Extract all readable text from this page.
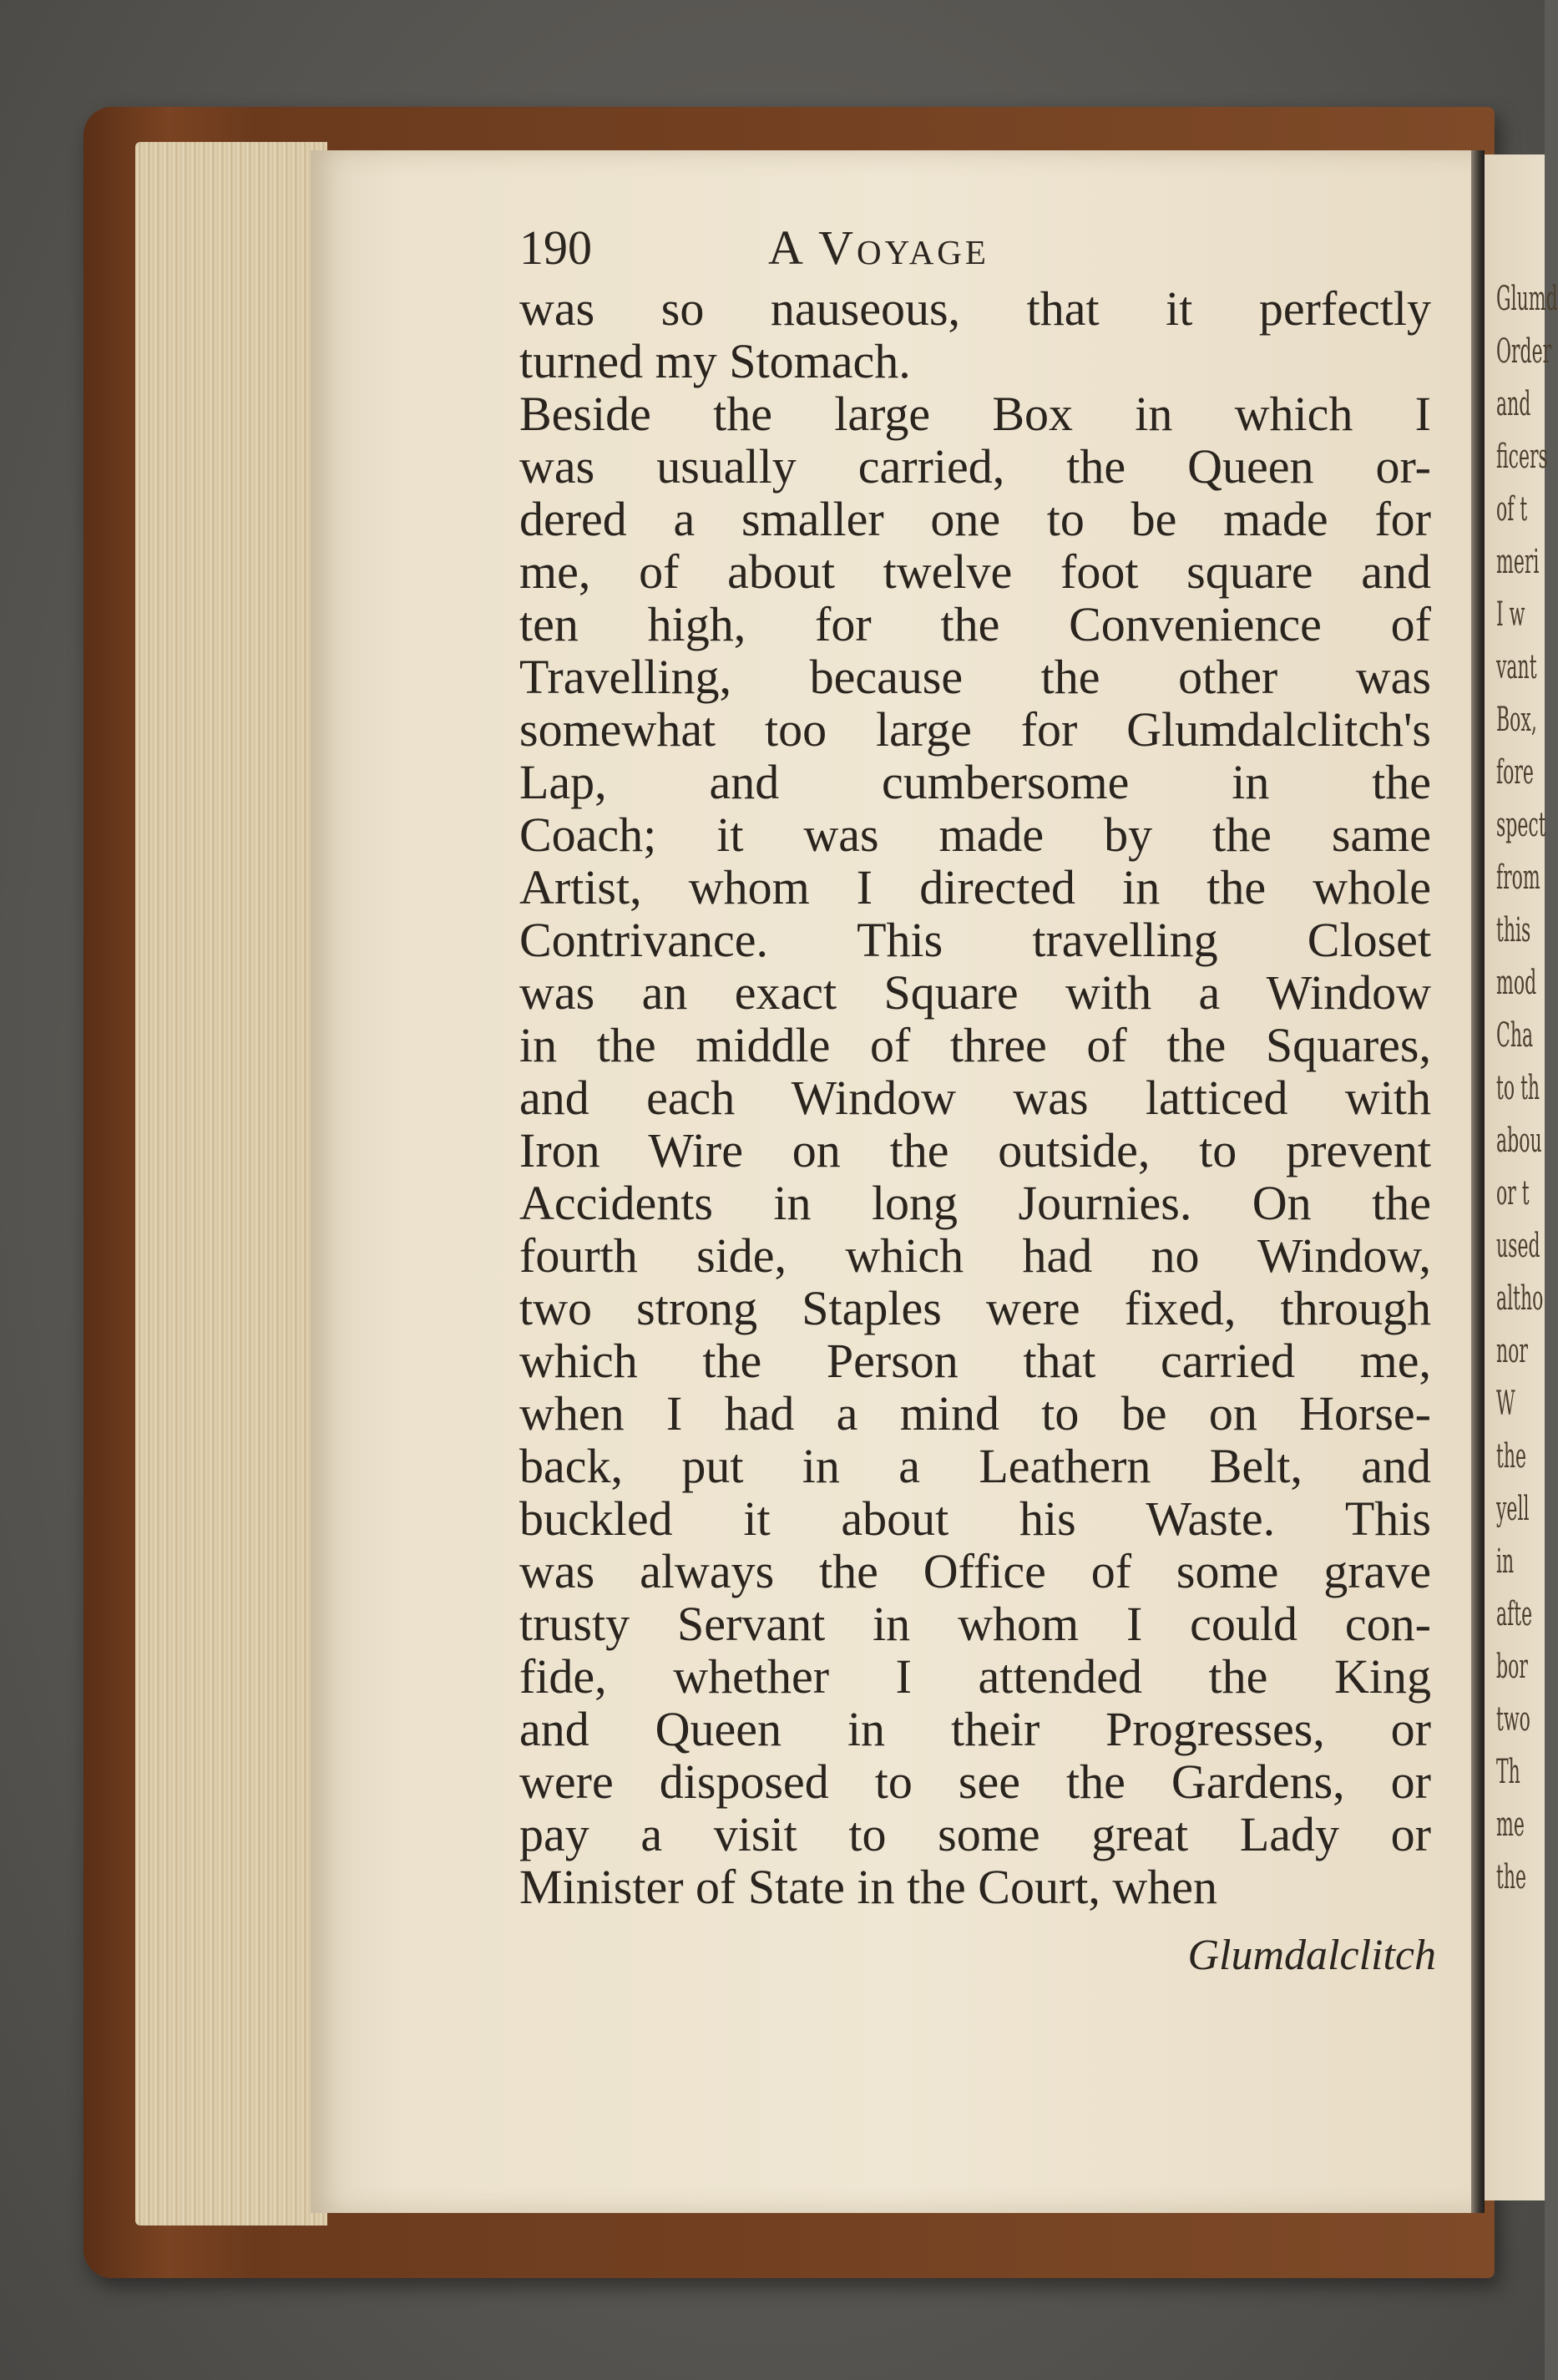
Glumd
Order
and
ficers
of t
meri
I w
vant
Box,
fore
spect
from
this
mod
Cha
to th
abou
or t
used
altho
nor
W
the
yell
in
afte
bor
two
Th
me
the
190	A Voyage
was so nauseous, that it perfectly
turned my Stomach.
Beside the large Box in which I
was usually carried, the Queen or-
dered a smaller one to be made for
me, of about twelve foot square and
ten high, for the Convenience of
Travelling, because the other was
somewhat too large for Glumdalclitch's
Lap, and cumbersome in the
Coach; it was made by the same
Artist, whom I directed in the whole
Contrivance. This travelling Closet
was an exact Square with a Window
in the middle of three of the Squares,
and each Window was latticed with
Iron Wire on the outside, to prevent
Accidents in long Journies. On the
fourth side, which had no Window,
two strong Staples were fixed, through
which the Person that carried me,
when I had a mind to be on Horse-
back, put in a Leathern Belt, and
buckled it about his Waste. This
was always the Office of some grave
trusty Servant in whom I could con-
fide, whether I attended the King
and Queen in their Progresses, or
were disposed to see the Gardens, or
pay a visit to some great Lady or
Minister of State in the Court, when
Glumdalclitch
